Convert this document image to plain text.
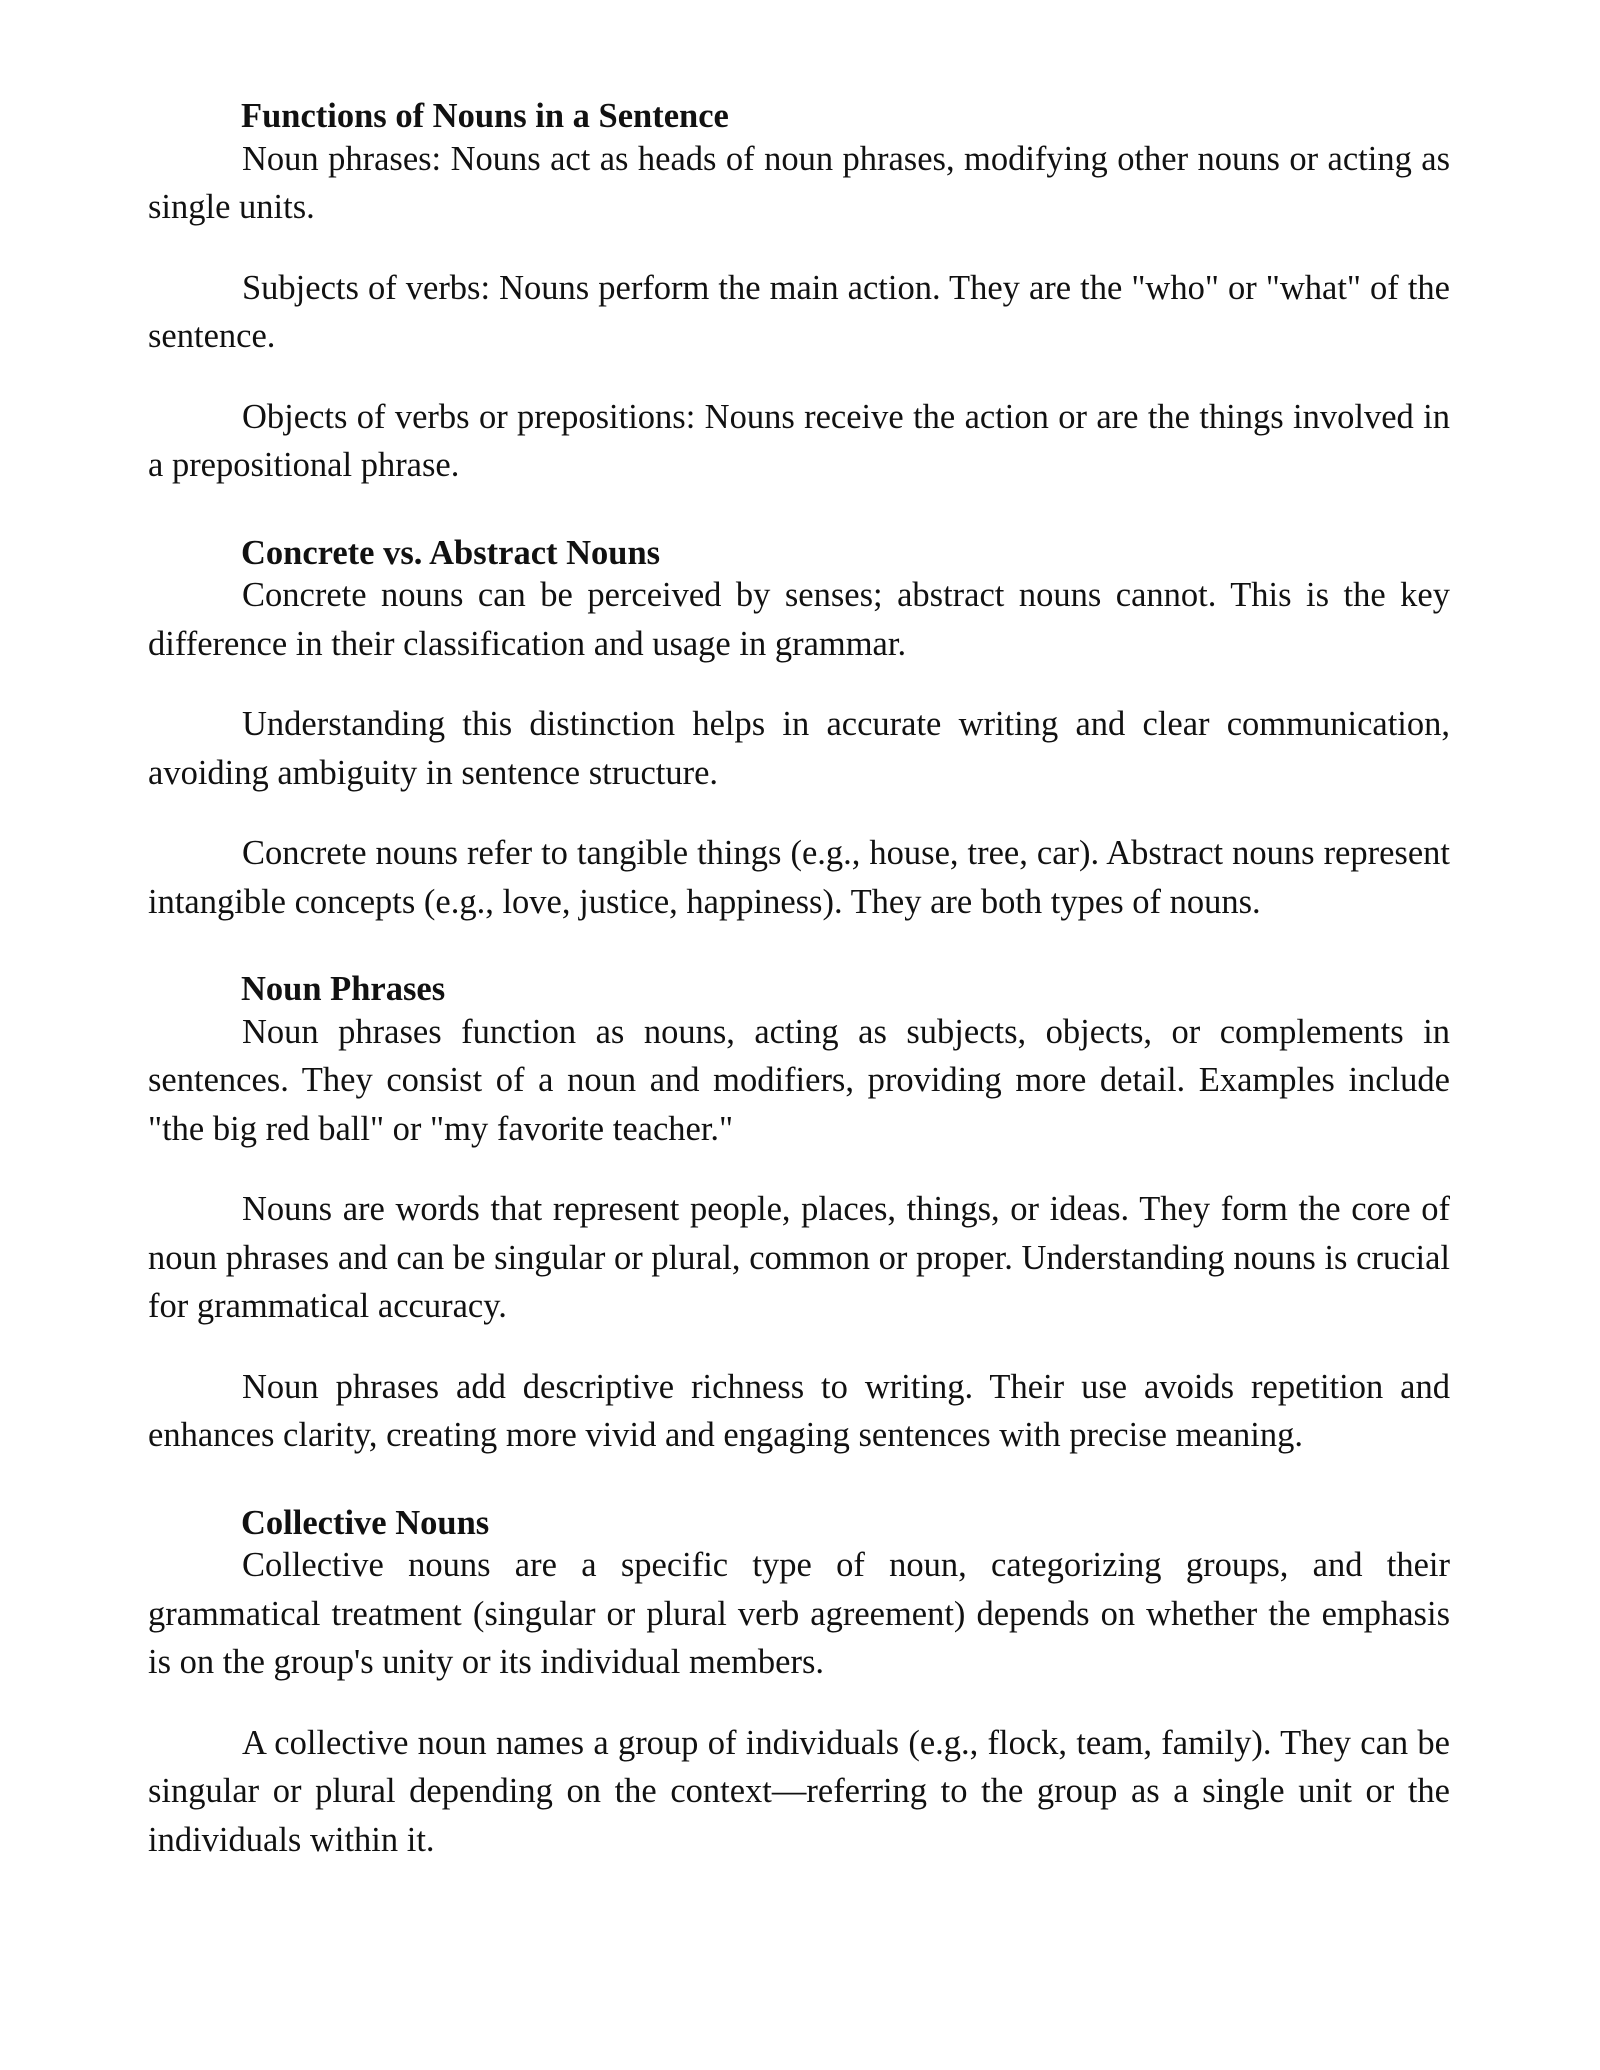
Functions of Nouns in a Sentence

Noun phrases: Nouns act as heads of noun phrases, modifying other nouns or acting as single units.

Subjects of verbs: Nouns perform the main action. They are the "who" or "what" of the sentence.

Objects of verbs or prepositions: Nouns receive the action or are the things involved in a prepositional phrase.

Concrete vs. Abstract Nouns

Concrete nouns can be perceived by senses; abstract nouns cannot. This is the key difference in their classification and usage in grammar.

Understanding this distinction helps in accurate writing and clear communication, avoiding ambiguity in sentence structure.

Concrete nouns refer to tangible things (e.g., house, tree, car). Abstract nouns represent intangible concepts (e.g., love, justice, happiness). They are both types of nouns.

Noun Phrases

Noun phrases function as nouns, acting as subjects, objects, or complements in sentences. They consist of a noun and modifiers, providing more detail. Examples include "the big red ball" or "my favorite teacher."

Nouns are words that represent people, places, things, or ideas. They form the core of noun phrases and can be singular or plural, common or proper. Understanding nouns is crucial for grammatical accuracy.

Noun phrases add descriptive richness to writing. Their use avoids repetition and enhances clarity, creating more vivid and engaging sentences with precise meaning.

Collective Nouns

Collective nouns are a specific type of noun, categorizing groups, and their grammatical treatment (singular or plural verb agreement) depends on whether the emphasis is on the group's unity or its individual members.

A collective noun names a group of individuals (e.g., flock, team, family). They can be singular or plural depending on the context—referring to the group as a single unit or the individuals within it.
